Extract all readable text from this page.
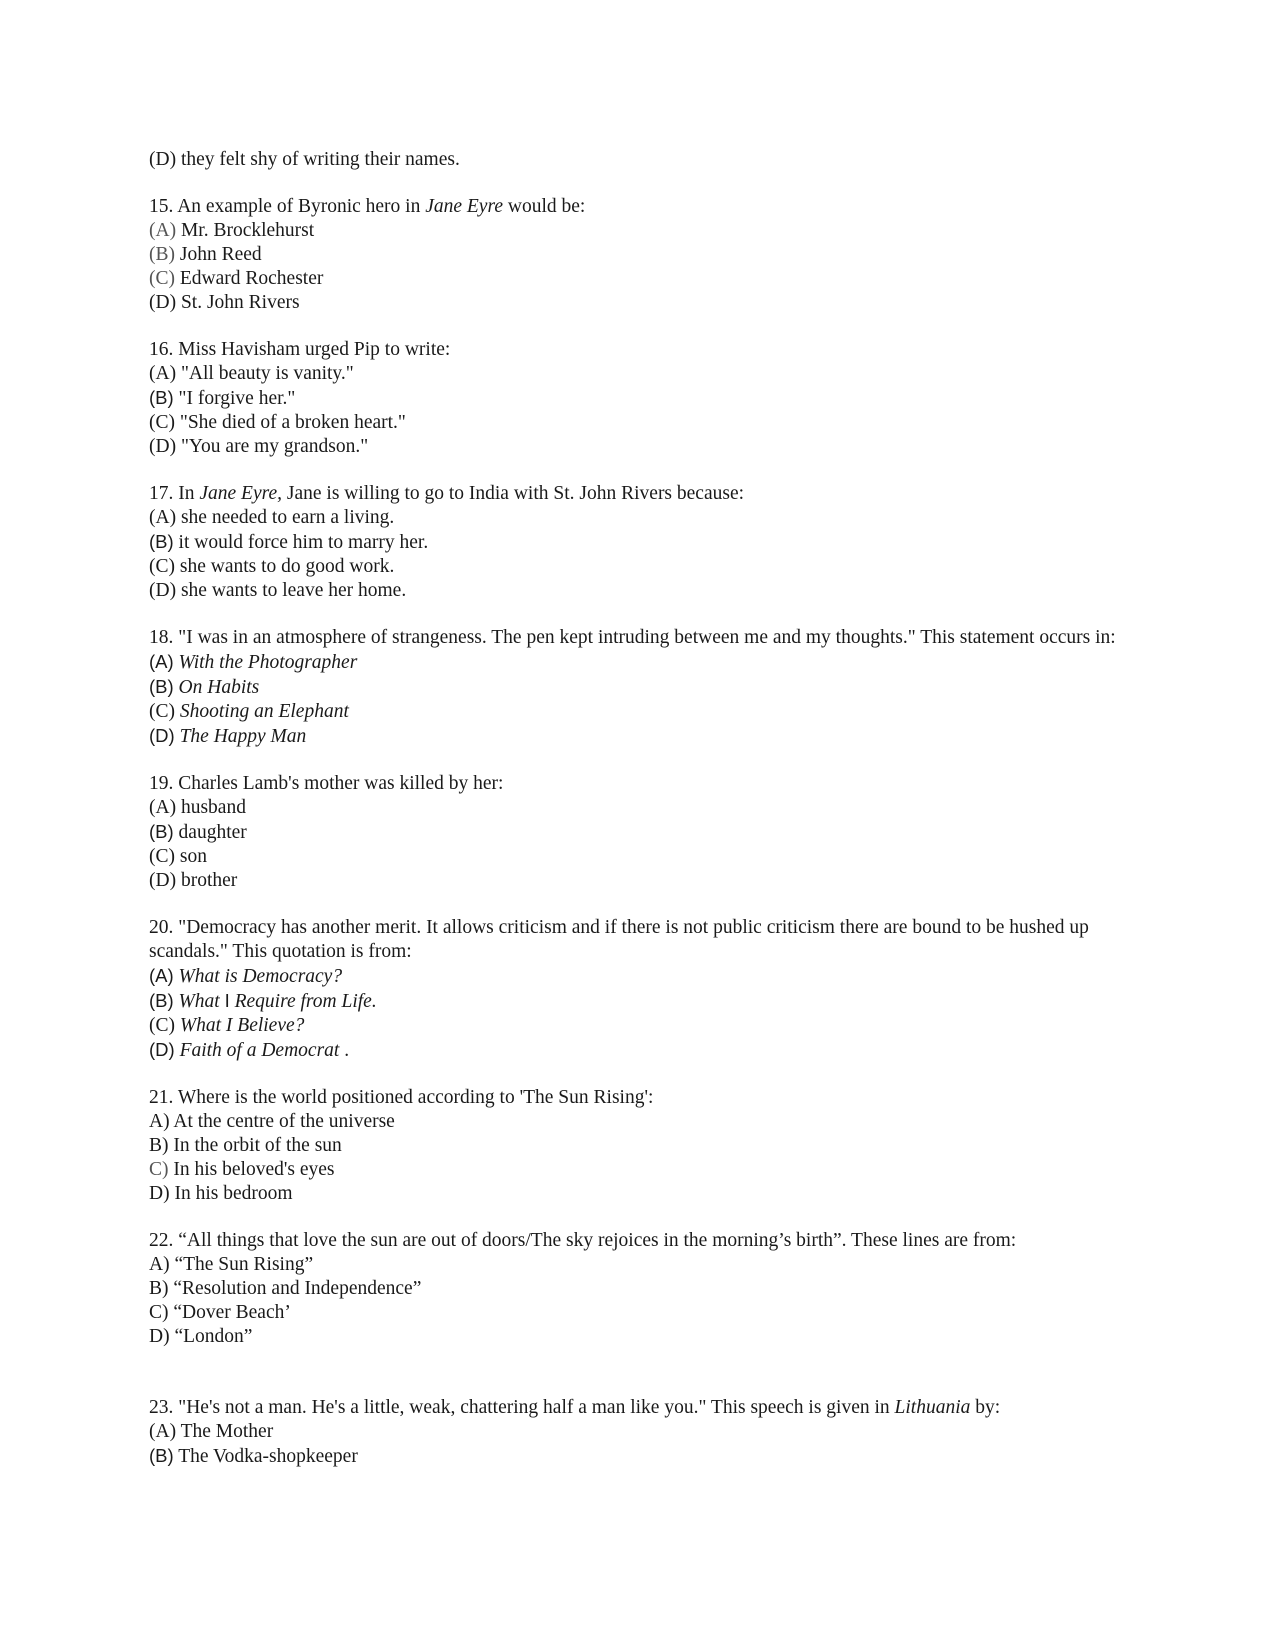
(D) they felt shy of writing their names.
15. An example of Byronic hero in Jane Eyre would be:
(A) Mr. Brocklehurst
(B) John Reed
(C) Edward Rochester
(D) St. John Rivers
16. Miss Havisham urged Pip to write:
(A) "All beauty is vanity."
(B) "I forgive her."
(C) "She died of a broken heart."
(D) "You are my grandson."
17. In Jane Eyre, Jane is willing to go to India with St. John Rivers because:
(A) she needed to earn a living.
(B) it would force him to marry her.
(C) she wants to do good work.
(D) she wants to leave her home.
18. "I was in an atmosphere of strangeness. The pen kept intruding between me and my thoughts." This statement occurs in:
(A) With the Photographer
(B) On Habits
(C) Shooting an Elephant
(D) The Happy Man
19. Charles Lamb's mother was killed by her:
(A) husband
(B) daughter
(C) son
(D) brother
20. "Democracy has another merit. It allows criticism and if there is not public criticism there are bound to be hushed up scandals." This quotation is from:
(A) What is Democracy?
(B) What I Require from Life.
(C) What I Believe?
(D) Faith of a Democrat .
21. Where is the world positioned according to 'The Sun Rising':
A) At the centre of the universe
B) In the orbit of the sun
C) In his beloved's eyes
D) In his bedroom
22. “All things that love the sun are out of doors/The sky rejoices in the morning’s birth”. These lines are from:
A) “The Sun Rising”
B) “Resolution and Independence”
C) “Dover Beach’
D) “London”
23. "He's not a man. He's a little, weak, chattering half a man like you." This speech is given in Lithuania by:
(A) The Mother
(B) The Vodka-shopkeeper
